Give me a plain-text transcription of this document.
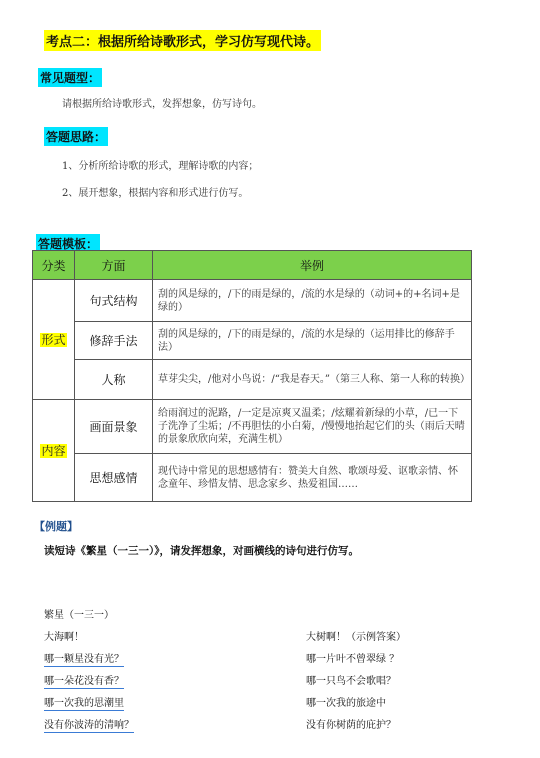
考点二：根据所给诗歌形式，学习仿写现代诗。
常见题型：
请根据所给诗歌形式，发挥想象，仿写诗句。
答题思路：
1、分析所给诗歌的形式，理解诗歌的内容；
2、展开想象，根据内容和形式进行仿写。
答题模板：
分类	方面	举例
形式	句式结构	刮的风是绿的，/下的雨是绿的，/流的水是绿的（动词+的+名词+是绿的）
	修辞手法	刮的风是绿的，/下的雨是绿的，/流的水是绿的（运用排比的修辞手法）
	人称	草芽尖尖，/他对小鸟说：/“我是春天。”（第三人称、第一人称的转换）
内容	画面景象	给雨润过的泥路，/一定是凉爽又温柔；/炫耀着新绿的小草，/已一下子洗净了尘垢；/不再胆怯的小白菊，/慢慢地抬起它们的头（雨后天晴的景象欣欣向荣，充满生机）
	思想感情	现代诗中常见的思想感情有：赞美大自然、歌颂母爱、讴歌亲情、怀念童年、珍惜友情、思念家乡、热爱祖国……
【例题】
读短诗《繁星（一三一）》，请发挥想象，对画横线的诗句进行仿写。
繁星（一三一）
大海啊！
哪一颗星没有光？
哪一朵花没有香？
哪一次我的思潮里
没有你波涛的清响？
大树啊！（示例答案）
哪一片叶不曾翠绿 ？
哪一只鸟不会歌唱？
哪一次我的旅途中
没有你树荫的庇护？
